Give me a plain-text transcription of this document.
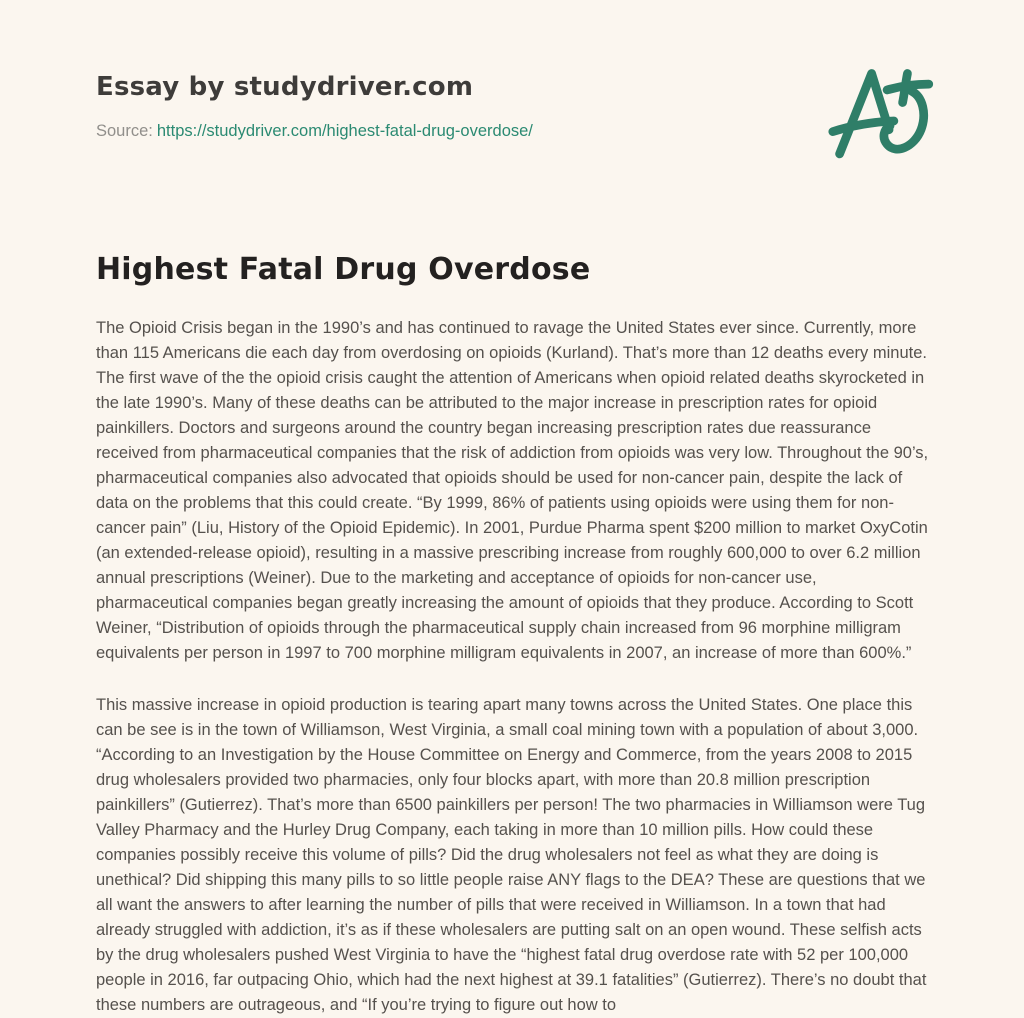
Essay by studydriver.com
Source: https://studydriver.com/highest-fatal-drug-overdose/
Highest Fatal Drug Overdose

The Opioid Crisis began in the 1990’s and has continued to ravage the United States ever since. Currently, more than 115 Americans die each day from overdosing on opioids (Kurland). That’s more than 12 deaths every minute. The first wave of the the opioid crisis caught the attention of Americans when opioid related deaths skyrocketed in the late 1990’s. Many of these deaths can be attributed to the major increase in prescription rates for opioid painkillers. Doctors and surgeons around the country began increasing prescription rates due reassurance received from pharmaceutical companies that the risk of addiction from opioids was very low. Throughout the 90’s, pharmaceutical companies also advocated that opioids should be used for non-cancer pain, despite the lack of data on the problems that this could create. “By 1999, 86% of patients using opioids were using them for non-cancer pain” (Liu, History of the Opioid Epidemic). In 2001, Purdue Pharma spent $200 million to market OxyCotin (an extended-release opioid), resulting in a massive prescribing increase from roughly 600,000 to over 6.2 million annual prescriptions (Weiner). Due to the marketing and acceptance of opioids for non-cancer use, pharmaceutical companies began greatly increasing the amount of opioids that they produce. According to Scott Weiner, “Distribution of opioids through the pharmaceutical supply chain increased from 96 morphine milligram equivalents per person in 1997 to 700 morphine milligram equivalents in 2007, an increase of more than 600%.”

This massive increase in opioid production is tearing apart many towns across the United States. One place this can be see is in the town of Williamson, West Virginia, a small coal mining town with a population of about 3,000. “According to an Investigation by the House Committee on Energy and Commerce, from the years 2008 to 2015 drug wholesalers provided two pharmacies, only four blocks apart, with more than 20.8 million prescription painkillers” (Gutierrez). That’s more than 6500 painkillers per person! The two pharmacies in Williamson were Tug Valley Pharmacy and the Hurley Drug Company, each taking in more than 10 million pills. How could these companies possibly receive this volume of pills? Did the drug wholesalers not feel as what they are doing is unethical? Did shipping this many pills to so little people raise ANY flags to the DEA? These are questions that we all want the answers to after learning the number of pills that were received in Williamson. In a town that had already struggled with addiction, it’s as if these wholesalers are putting salt on an open wound. These selfish acts by the drug wholesalers pushed West Virginia to have the “highest fatal drug overdose rate with 52 per 100,000 people in 2016, far outpacing Ohio, which had the next highest at 39.1 fatalities” (Gutierrez). There’s no doubt that these numbers are outrageous, and “If you’re trying to figure out how to
